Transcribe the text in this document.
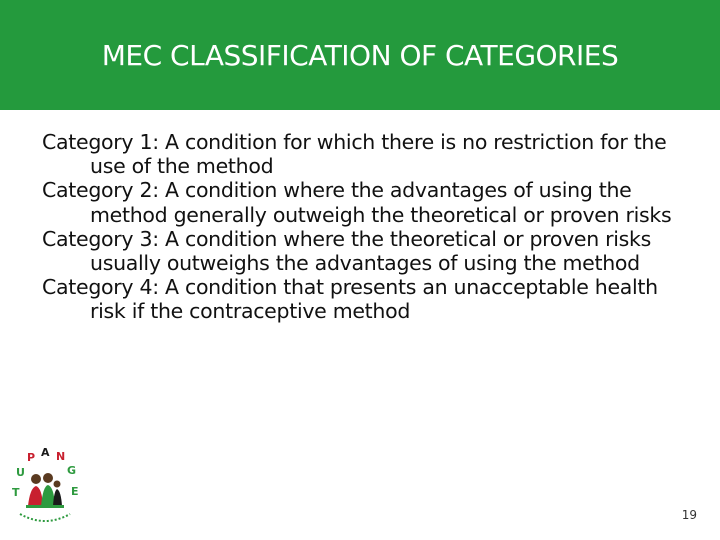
MEC CLASSIFICATION OF CATEGORIES
Category 1: A condition for which there is no restriction for the use of the method
Category 2: A condition where the advantages of using the method generally outweigh the theoretical or proven risks
Category 3: A condition where the theoretical or proven risks usually outweighs the advantages of using the method
Category 4: A condition that presents an unacceptable health risk if the contraceptive method
T
U
P A N
G
E
19
